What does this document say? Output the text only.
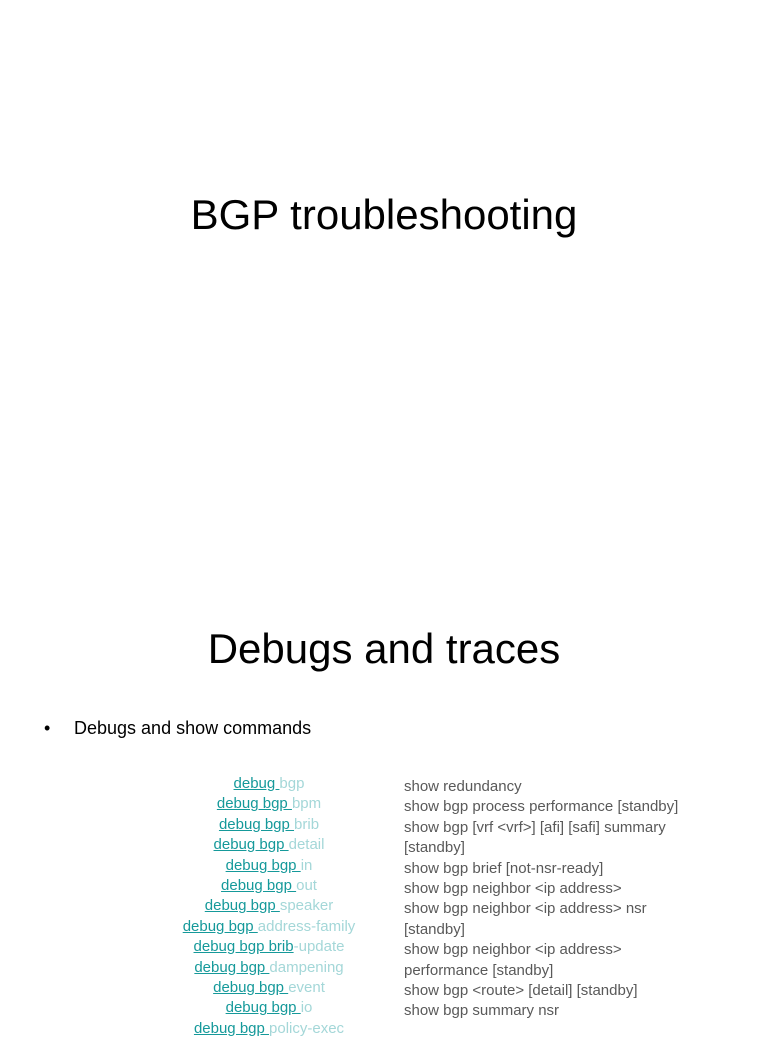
BGP troubleshooting
Debugs and traces
• Debugs and show commands
debug bgp
debug bgp bpm
debug bgp brib
debug bgp detail
debug bgp in
debug bgp out
debug bgp speaker
debug bgp address-family
debug bgp brib-update
debug bgp dampening
debug bgp event
debug bgp io
debug bgp policy-exec
show redundancy
show bgp process performance [standby]
show bgp [vrf <vrf>] [afi] [safi] summary
[standby]
show bgp brief [not-nsr-ready]
show bgp neighbor <ip address>
show bgp neighbor <ip address> nsr
[standby]
show bgp neighbor <ip address>
performance [standby]
show bgp <route> [detail] [standby]
show bgp summary nsr
